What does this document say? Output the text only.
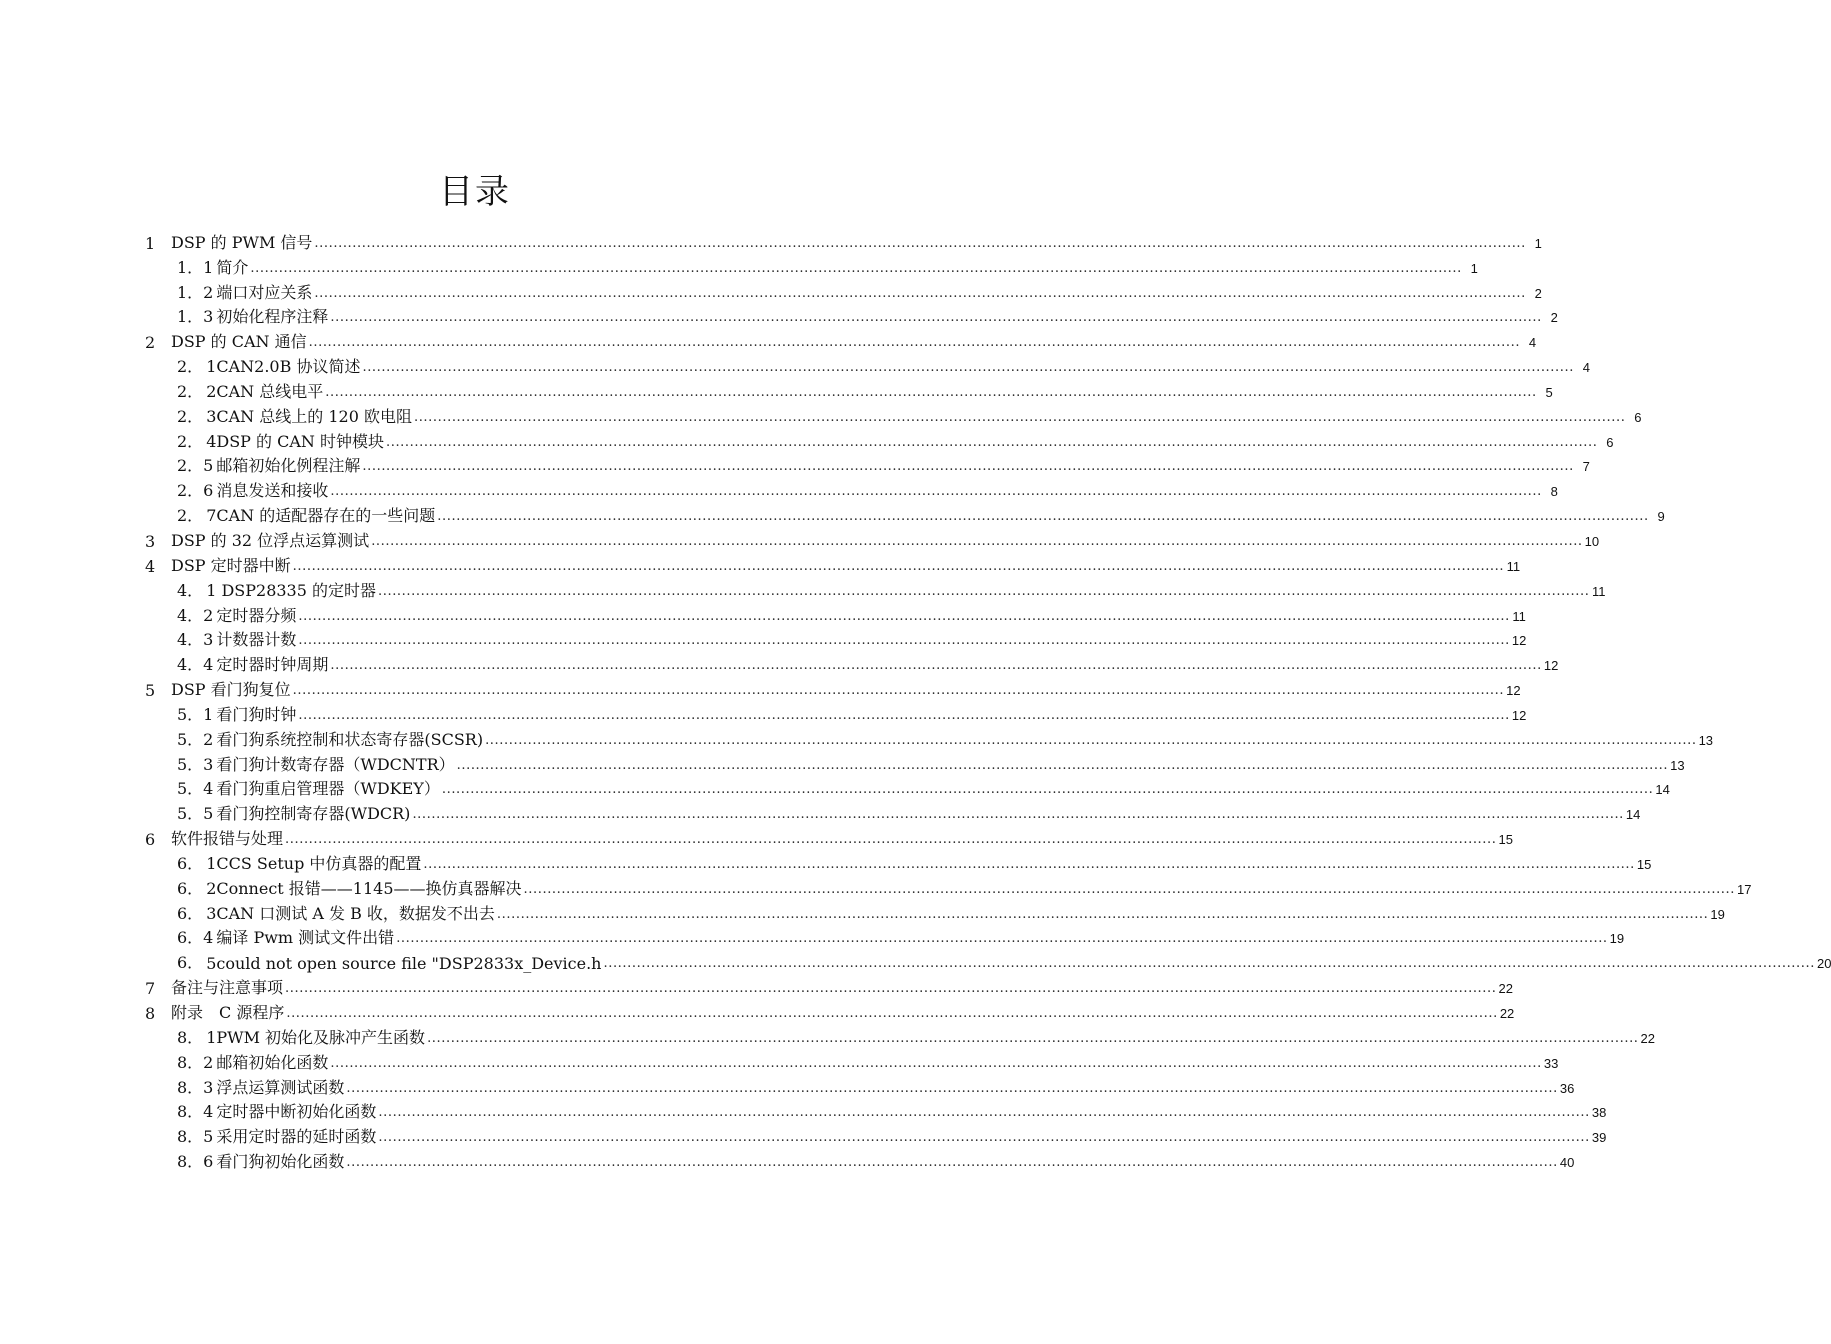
目录
1 DSP 的 PWM 信号 .....	1
1．1 简介 .....	1
1．2 端口对应关系 .....	2
1．3 初始化程序注释 .....	2
2 DSP 的 CAN 通信 .....	4
2． 1CAN2.0B 协议简述 .....	4
2． 2CAN 总线电平 .....	5
2． 3CAN 总线上的 120 欧电阻 .....	6
2． 4DSP 的 CAN 时钟模块 .....	6
2．5 邮箱初始化例程注解 .....	7
2．6 消息发送和接收 .....	8
2． 7CAN 的适配器存在的一些问题 .....	9
3 DSP 的 32 位浮点运算测试 .....	10
4 DSP 定时器中断 .....	11
4． 1 DSP28335 的定时器 .....	11
4．2 定时器分频 .....	11
4．3 计数器计数 .....	12
4．4 定时器时钟周期 .....	12
5 DSP 看门狗复位 .....	12
5．1 看门狗时钟 .....	12
5．2 看门狗系统控制和状态寄存器(SCSR) .....	13
5．3 看门狗计数寄存器（WDCNTR） .....	13
5．4 看门狗重启管理器（WDKEY） .....	14
5．5 看门狗控制寄存器(WDCR) .....	14
6 软件报错与处理 .....	15
6． 1CCS Setup 中仿真器的配置 .....	15
6． 2Connect 报错——1145——换仿真器解决 .....	17
6． 3CAN 口测试 A 发 B 收，数据发不出去 .....	19
6．4 编译 Pwm 测试文件出错 .....	19
6． 5could not open source file "DSP2833x_Device.h .....	20
7 备注与注意事项 .....	22
8 附录　C 源程序 .....	22
8． 1PWM 初始化及脉冲产生函数 .....	22
8．2 邮箱初始化函数 .....	33
8．3 浮点运算测试函数 .....	36
8．4 定时器中断初始化函数 .....	38
8．5 采用定时器的延时函数 .....	39
8．6 看门狗初始化函数 .....	40
